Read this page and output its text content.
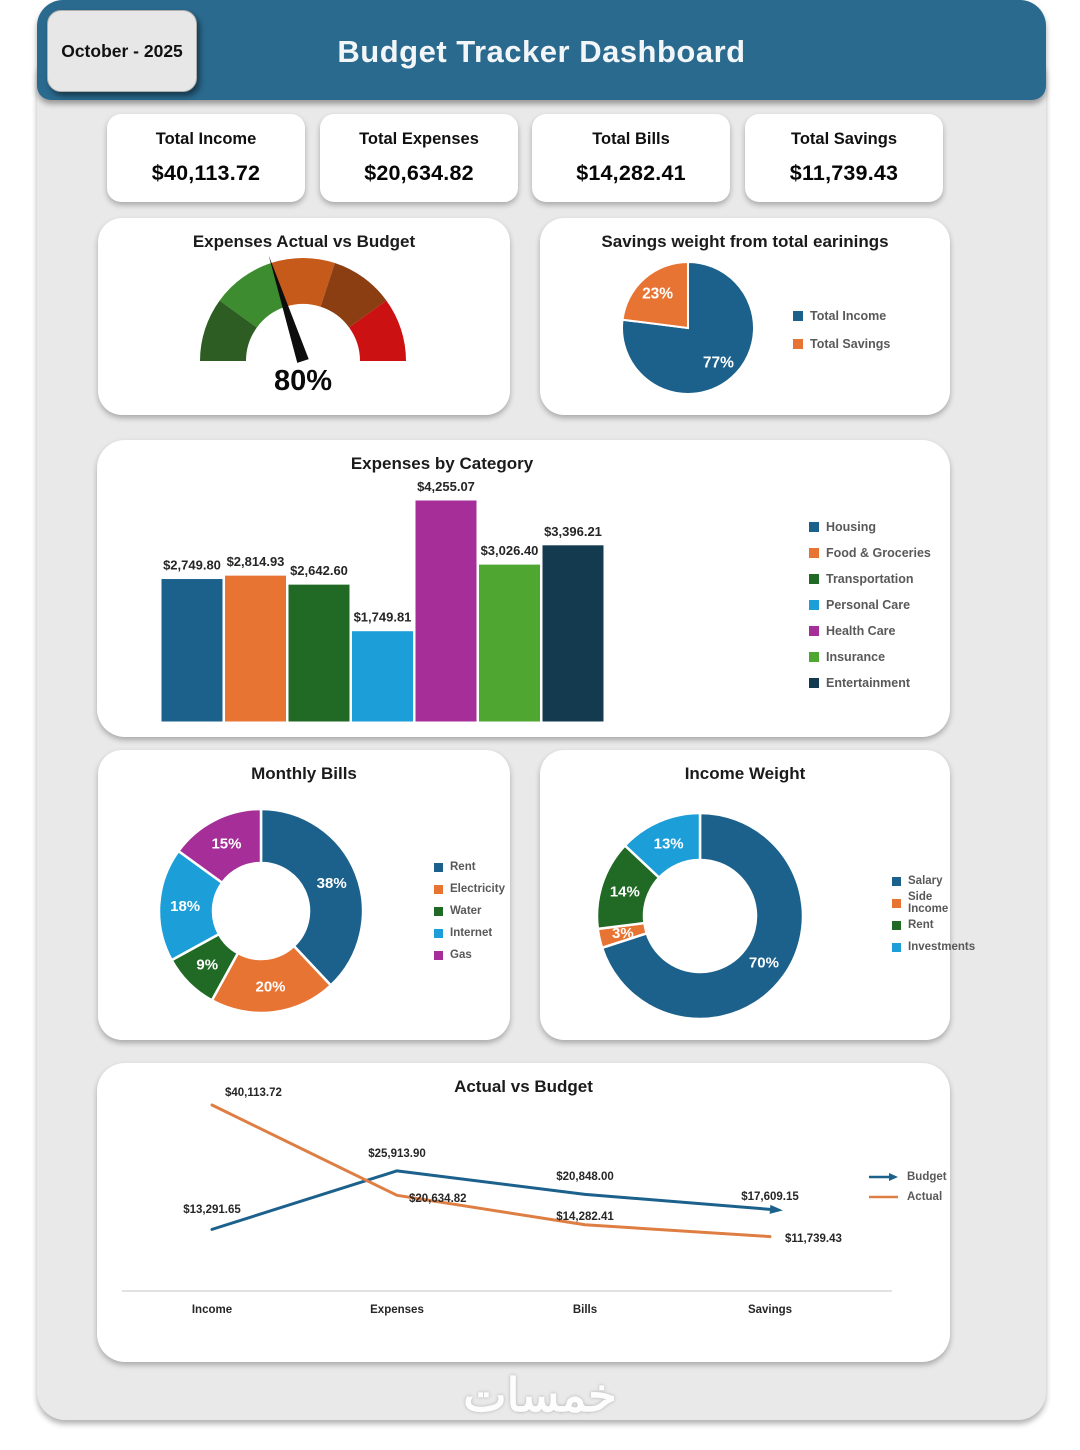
Budget Tracker Dashboard
October - 2025
Total Income
$40,113.72
Total Expenses
$20,634.82
Total Bills
$14,282.41
Total Savings
$11,739.43
Expenses Actual vs Budget
80%
Savings weight from total earinings
77%
23%
Total Income
Total Savings
Expenses by Category
$2,749.80 $2,814.93
$2,642.60
$1,749.81
$4,255.07
$3,026.40
$3,396.21	Housing
Food & Groceries
Transportation
Personal Care
Health Care
Insurance
Entertainment
Monthly Bills
38%
20%
9%
18%
15%
Rent
Electricity
Water
Internet
Gas
Income Weight
70%
3%
14%
13%
Salary
Side Income
Rent
Investments
Actual vs Budget
Income	Expenses	Bills	Savings
$13,291.65
$25,913.90
$20,848.00
$17,609.15
$40,113.72
$20,634.82
$14,282.41
$11,739.43
Budget
Actual
خمسات
